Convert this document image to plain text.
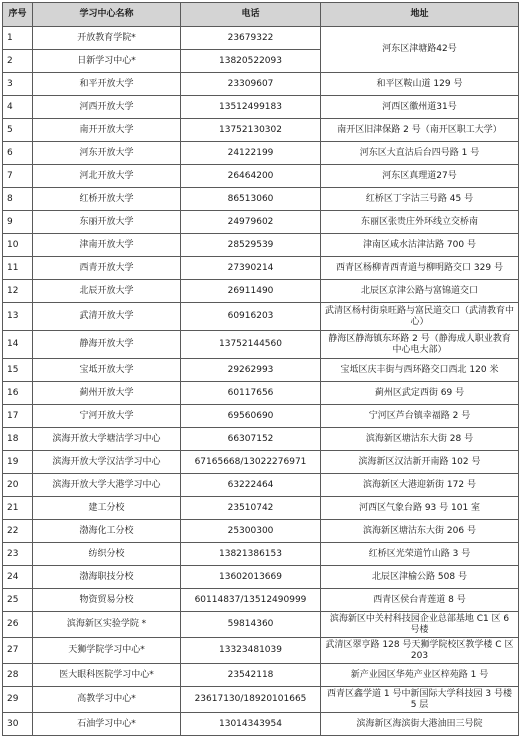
序号	学习中心名称	电话	地址
1	开放教育学院*	23679322	河东区津塘路42号
2	日新学习中心*	13820522093	
3	和平开放大学	23309607	和平区鞍山道 129 号
4	河西开放大学	13512499183	河西区徽州道31号
5	南开开放大学	13752130302	南开区旧津保路 2 号（南开区职工大学）
6	河东开放大学	24122199	河东区大直沽后台四号路 1 号
7	河北开放大学	26464200	河东区真理道27号
8	红桥开放大学	86513060	红桥区丁字沽三号路 45 号
9	东丽开放大学	24979602	东丽区张贵庄外环线立交桥南
10	津南开放大学	28529539	津南区咸水沽津沽路 700 号
11	西青开放大学	27390214	西青区杨柳青西青道与柳明路交口 329 号
12	北辰开放大学	26911490	北辰区京津公路与富锦道交口
13	武清开放大学	60916203	武清区杨村街泉旺路与富民道交口（武清教育中心）
14	静海开放大学	13752144560	静海区静海镇东环路 2 号（静海成人职业教育中心电大部）
15	宝坻开放大学	29262993	宝坻区庆丰街与西环路交口西北 120 米
16	蓟州开放大学	60117656	蓟州区武定西街 69 号
17	宁河开放大学	69560690	宁河区芦台镇幸福路 2 号
18	滨海开放大学塘沽学习中心	66307152	滨海新区塘沽东大街 28 号
19	滨海开放大学汉沽学习中心	67165668/13022276971	滨海新区汉沽新开南路 102 号
20	滨海开放大学大港学习中心	63222464	滨海新区大港迎新街 172 号
21	建工分校	23510742	河西区气象台路 93 号 101 室
22	渤海化工分校	25300300	滨海新区塘沽东大街 206 号
23	纺织分校	13821386153	红桥区光荣道竹山路 3 号
24	渤海职技分校	13602013669	北辰区津榆公路 508 号
25	物资贸易分校	60114837/13512490999	西青区侯台青莲道 8 号
26	滨海新区实验学院 *	59814360	滨海新区中关村科技园企业总部基地 C1 区 6 号楼
27	天狮学院学习中心*	13323481039	武清区翠亨路 128 号天狮学院校区教学楼 C 区 203
28	医大眼科医院学习中心*	23542118	新产业园区华苑产业区梓苑路 1 号
29	高教学习中心*	23617130/18920101665	西青区鑫学道 1 号中新国际大学科技园 3 号楼 5 层
30	石油学习中心*	13014343954	滨海新区海滨街大港油田三号院
